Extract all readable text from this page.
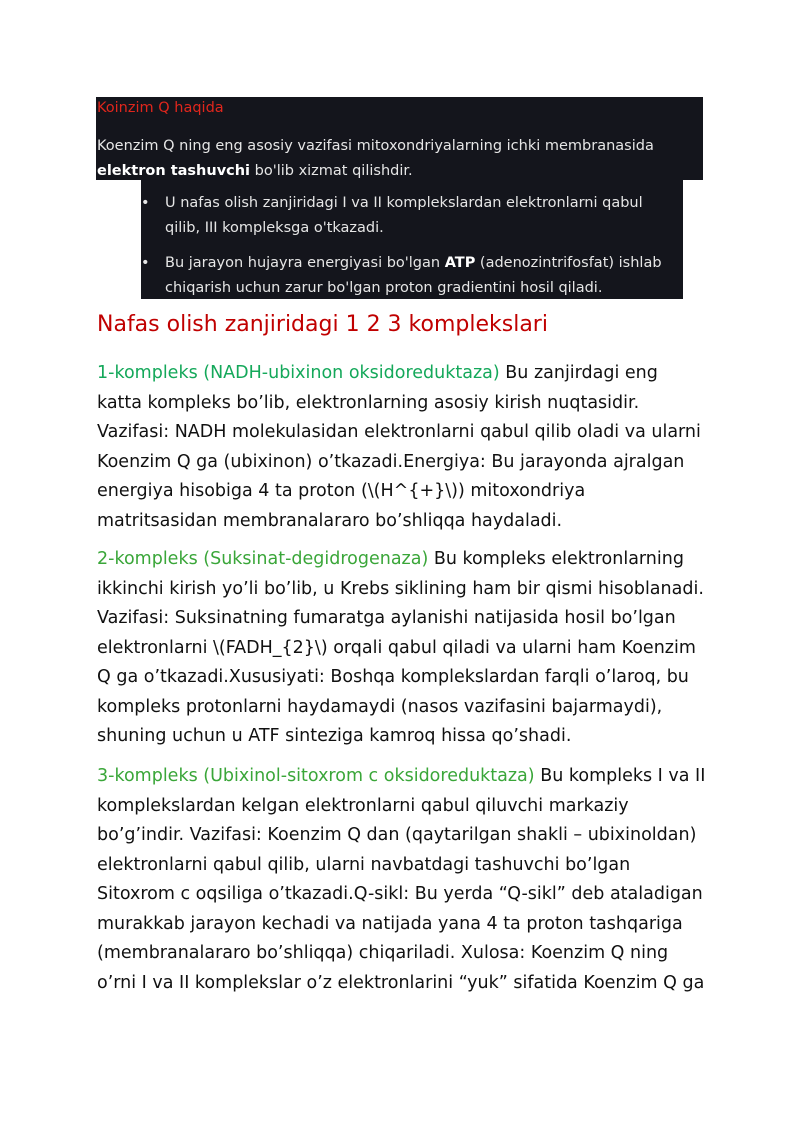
Koinzim Q haqida
Koenzim Q ning eng asosiy vazifasi mitoxondriyalarning ichki membranasida elektron tashuvchi bo'lib xizmat qilishdir.
• U nafas olish zanjiridagi I va II komplekslardan elektronlarni qabul qilib, III kompleksga o'tkazadi.
• Bu jarayon hujayra energiyasi bo'lgan ATP (adenozintrifosfat) ishlab chiqarish uchun zarur bo'lgan proton gradientini hosil qiladi.
Nafas olish zanjiridagi 1 2 3 komplekslari
1-kompleks (NADH-ubixinon oksidoreduktaza) Bu zanjirdagi eng katta kompleks bo’lib, elektronlarning asosiy kirish nuqtasidir. Vazifasi: NADH molekulasidan elektronlarni qabul qilib oladi va ularni Koenzim Q ga (ubixinon) o’tkazadi.Energiya: Bu jarayonda ajralgan energiya hisobiga 4 ta proton (\(H^{+}\)) mitoxondriya matritsasidan membranalararo bo’shliqqa haydaladi.
2-kompleks (Suksinat-degidrogenaza) Bu kompleks elektronlarning ikkinchi kirish yo’li bo’lib, u Krebs siklining ham bir qismi hisoblanadi. Vazifasi: Suksinatning fumaratga aylanishi natijasida hosil bo’lgan elektronlarni \(FADH_{2}\) orqali qabul qiladi va ularni ham Koenzim Q ga o’tkazadi.Xususiyati: Boshqa komplekslardan farqli o’laroq, bu kompleks protonlarni haydamaydi (nasos vazifasini bajarmaydi), shuning uchun u ATF sinteziga kamroq hissa qo’shadi.
3-kompleks (Ubixinol-sitoxrom c oksidoreduktaza) Bu kompleks I va II komplekslardan kelgan elektronlarni qabul qiluvchi markaziy bo’g’indir. Vazifasi: Koenzim Q dan (qaytarilgan shakli – ubixinoldan) elektronlarni qabul qilib, ularni navbatdagi tashuvchi bo’lgan Sitoxrom c oqsiliga o’tkazadi.Q-sikl: Bu yerda “Q-sikl” deb ataladigan murakkab jarayon kechadi va natijada yana 4 ta proton tashqariga (membranalararo bo’shliqqa) chiqariladi. Xulosa: Koenzim Q ning o’rni I va II komplekslar o’z elektronlarini “yuk” sifatida Koenzim Q ga
